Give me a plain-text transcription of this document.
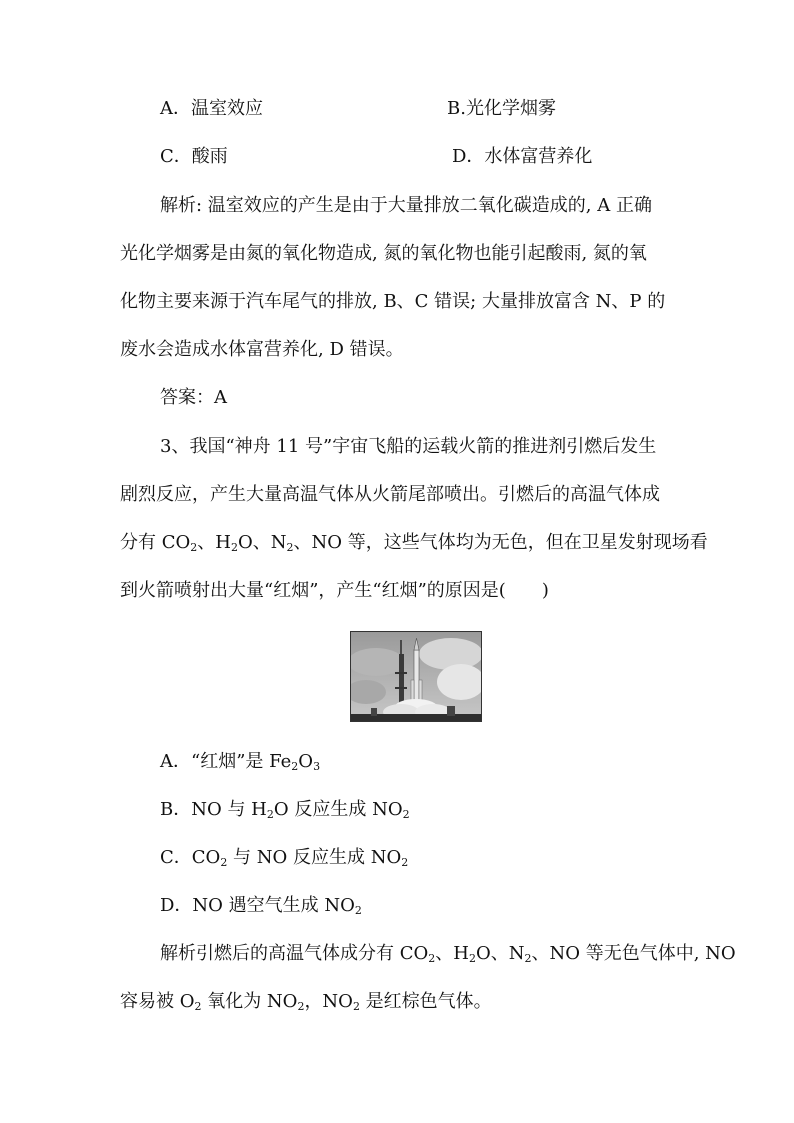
A．温室效应	B.光化学烟雾
C．酸雨	D．水体富营养化
解析: 温室效应的产生是由于大量排放二氧化碳造成的, A 正确
光化学烟雾是由氮的氧化物造成, 氮的氧化物也能引起酸雨, 氮的氧
化物主要来源于汽车尾气的排放, B、C 错误; 大量排放富含 N、P 的
废水会造成水体富营养化, D 错误。
答案：A
3、我国“神舟 11 号”宇宙飞船的运载火箭的推进剂引燃后发生
剧烈反应，产生大量高温气体从火箭尾部喷出。引燃后的高温气体成
分有 $CO_2$、$H_2O$、$N_2$、NO 等，这些气体均为无色，但在卫星发射现场看
到火箭喷射出大量“红烟”，产生“红烟”的原因是(　　)
A．“红烟”是 $Fe_2O_3$
B．NO 与 $H_2O$ 反应生成 $NO_2$
C．$CO_2$ 与 NO 反应生成 $NO_2$
D．NO 遇空气生成 $NO_2$
解析引燃后的高温气体成分有 $CO_2$、$H_2O$、$N_2$、NO 等无色气体中, NO
容易被 $O_2$ 氧化为 $NO_2$，$NO_2$ 是红棕色气体。
